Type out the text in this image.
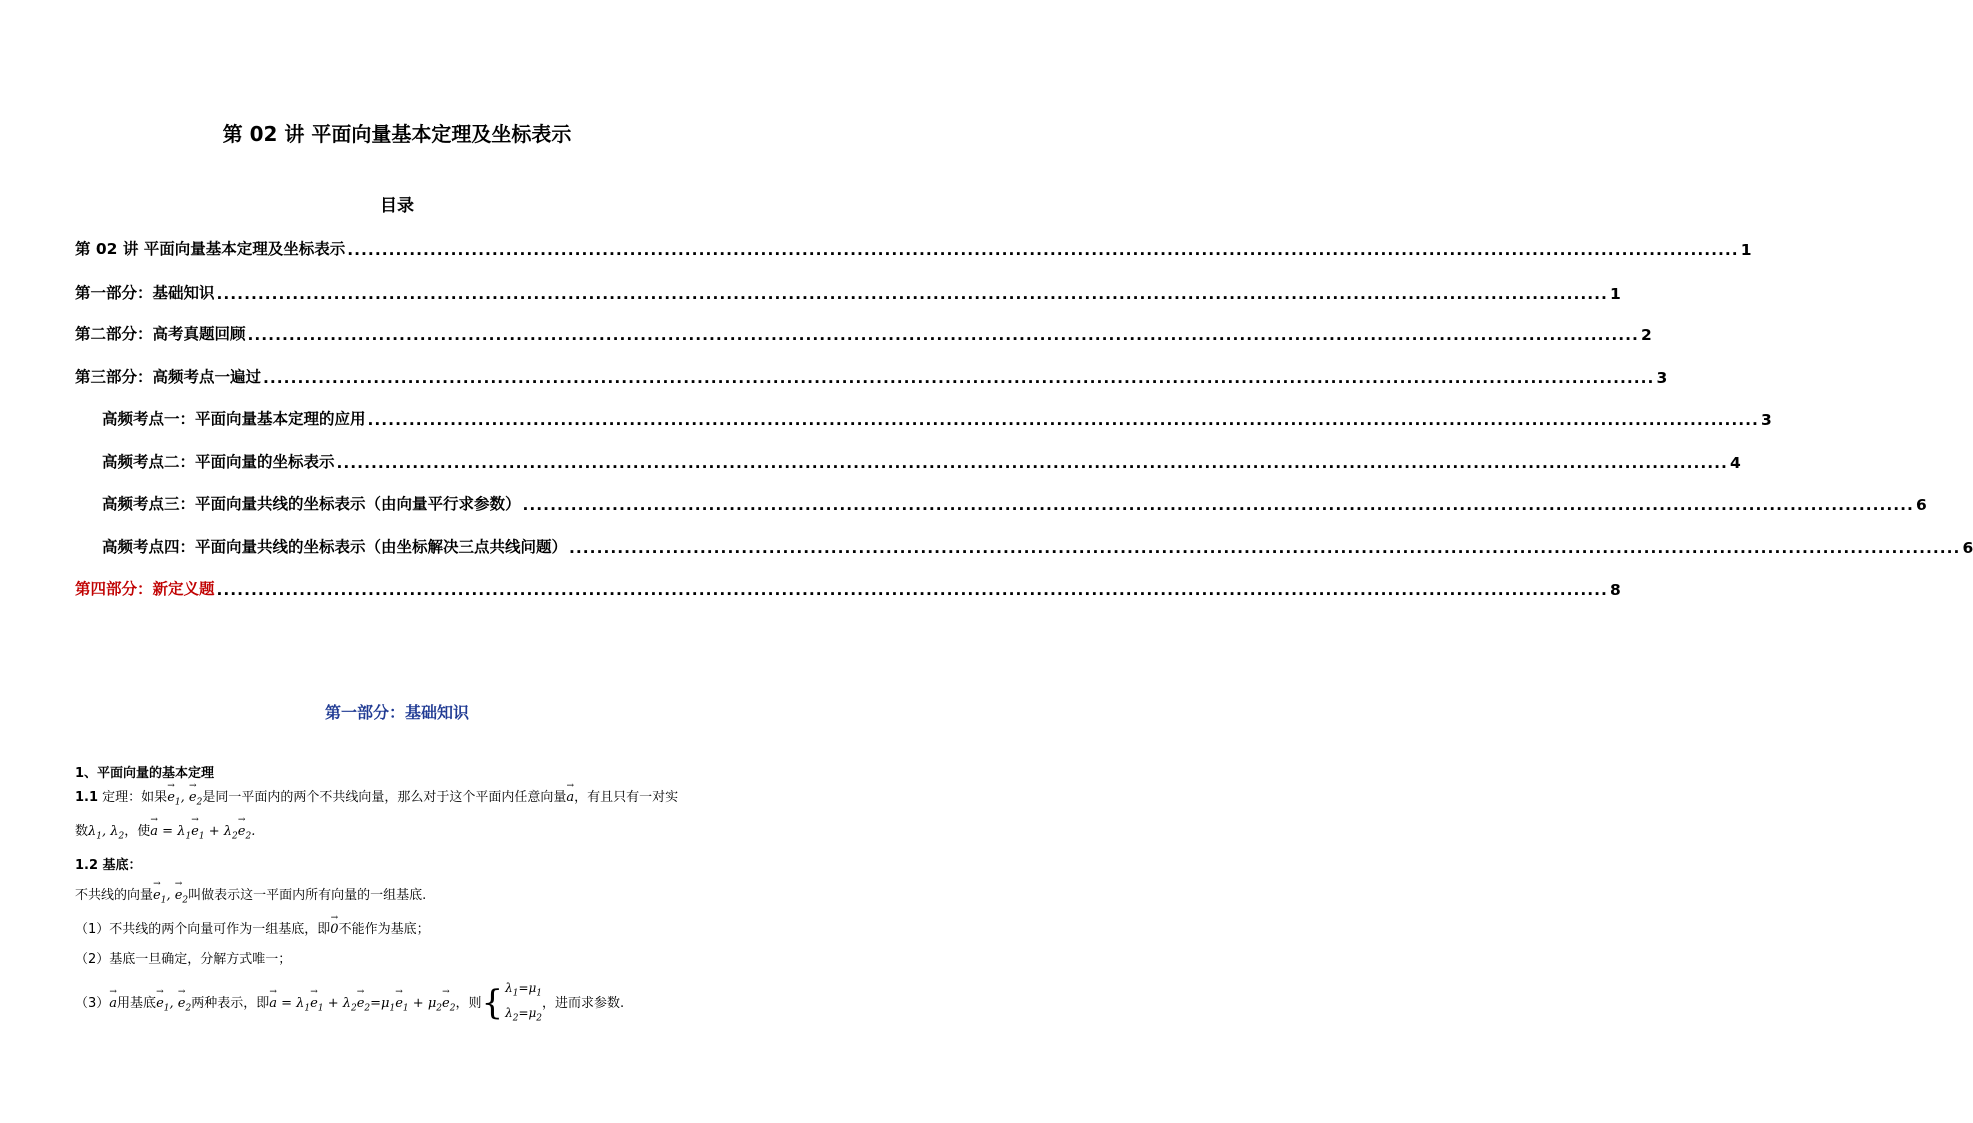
第 02 讲 平面向量基本定理及坐标表示
目录
第 02 讲 平面向量基本定理及坐标表示 .......................................................................................................................................................................................................... 1
第一部分：基础知识 .......................................................................................................................................................................................................... 1
第二部分：高考真题回顾 .......................................................................................................................................................................................................... 2
第三部分：高频考点一遍过 .......................................................................................................................................................................................................... 3
高频考点一：平面向量基本定理的应用 .......................................................................................................................................................................................................... 3
高频考点二：平面向量的坐标表示 .......................................................................................................................................................................................................... 4
高频考点三：平面向量共线的坐标表示（由向量平行求参数） .......................................................................................................................................................................................................... 6
高频考点四：平面向量共线的坐标表示（由坐标解决三点共线问题） .......................................................................................................................................................................................................... 6
第四部分：新定义题 .......................................................................................................................................................................................................... 8
第一部分：基础知识
1、平面向量的基本定理
1.1 定理：如果→ $e_1$, → $e_2$是同一平面内的两个不共线向量，那么对于这个平面内任意向量→ a，有且只有一对实
数$\lambda_1$, $\lambda_2$，使→ $a = \lambda_1\to e_1 + \lambda_2\to e_2$.
1.2 基底：
不共线的向量→ $e_1$, → $e_2$叫做表示这一平面内所有向量的一组基底.
（1）不共线的两个向量可作为一组基底，即→ 0不能作为基底；
（2）基底一旦确定，分解方式唯一；
（3）→ a用基底→ $e_1$, → $e_2$两种表示，即→ $a = \lambda_1\to e_1 + \lambda_2\to e_2=\mu_1\to e_1 + \mu_2\to e_2$，则{ $\lambda_1=\mu_1$
$\lambda_2=\mu_2$，进而求参数.
